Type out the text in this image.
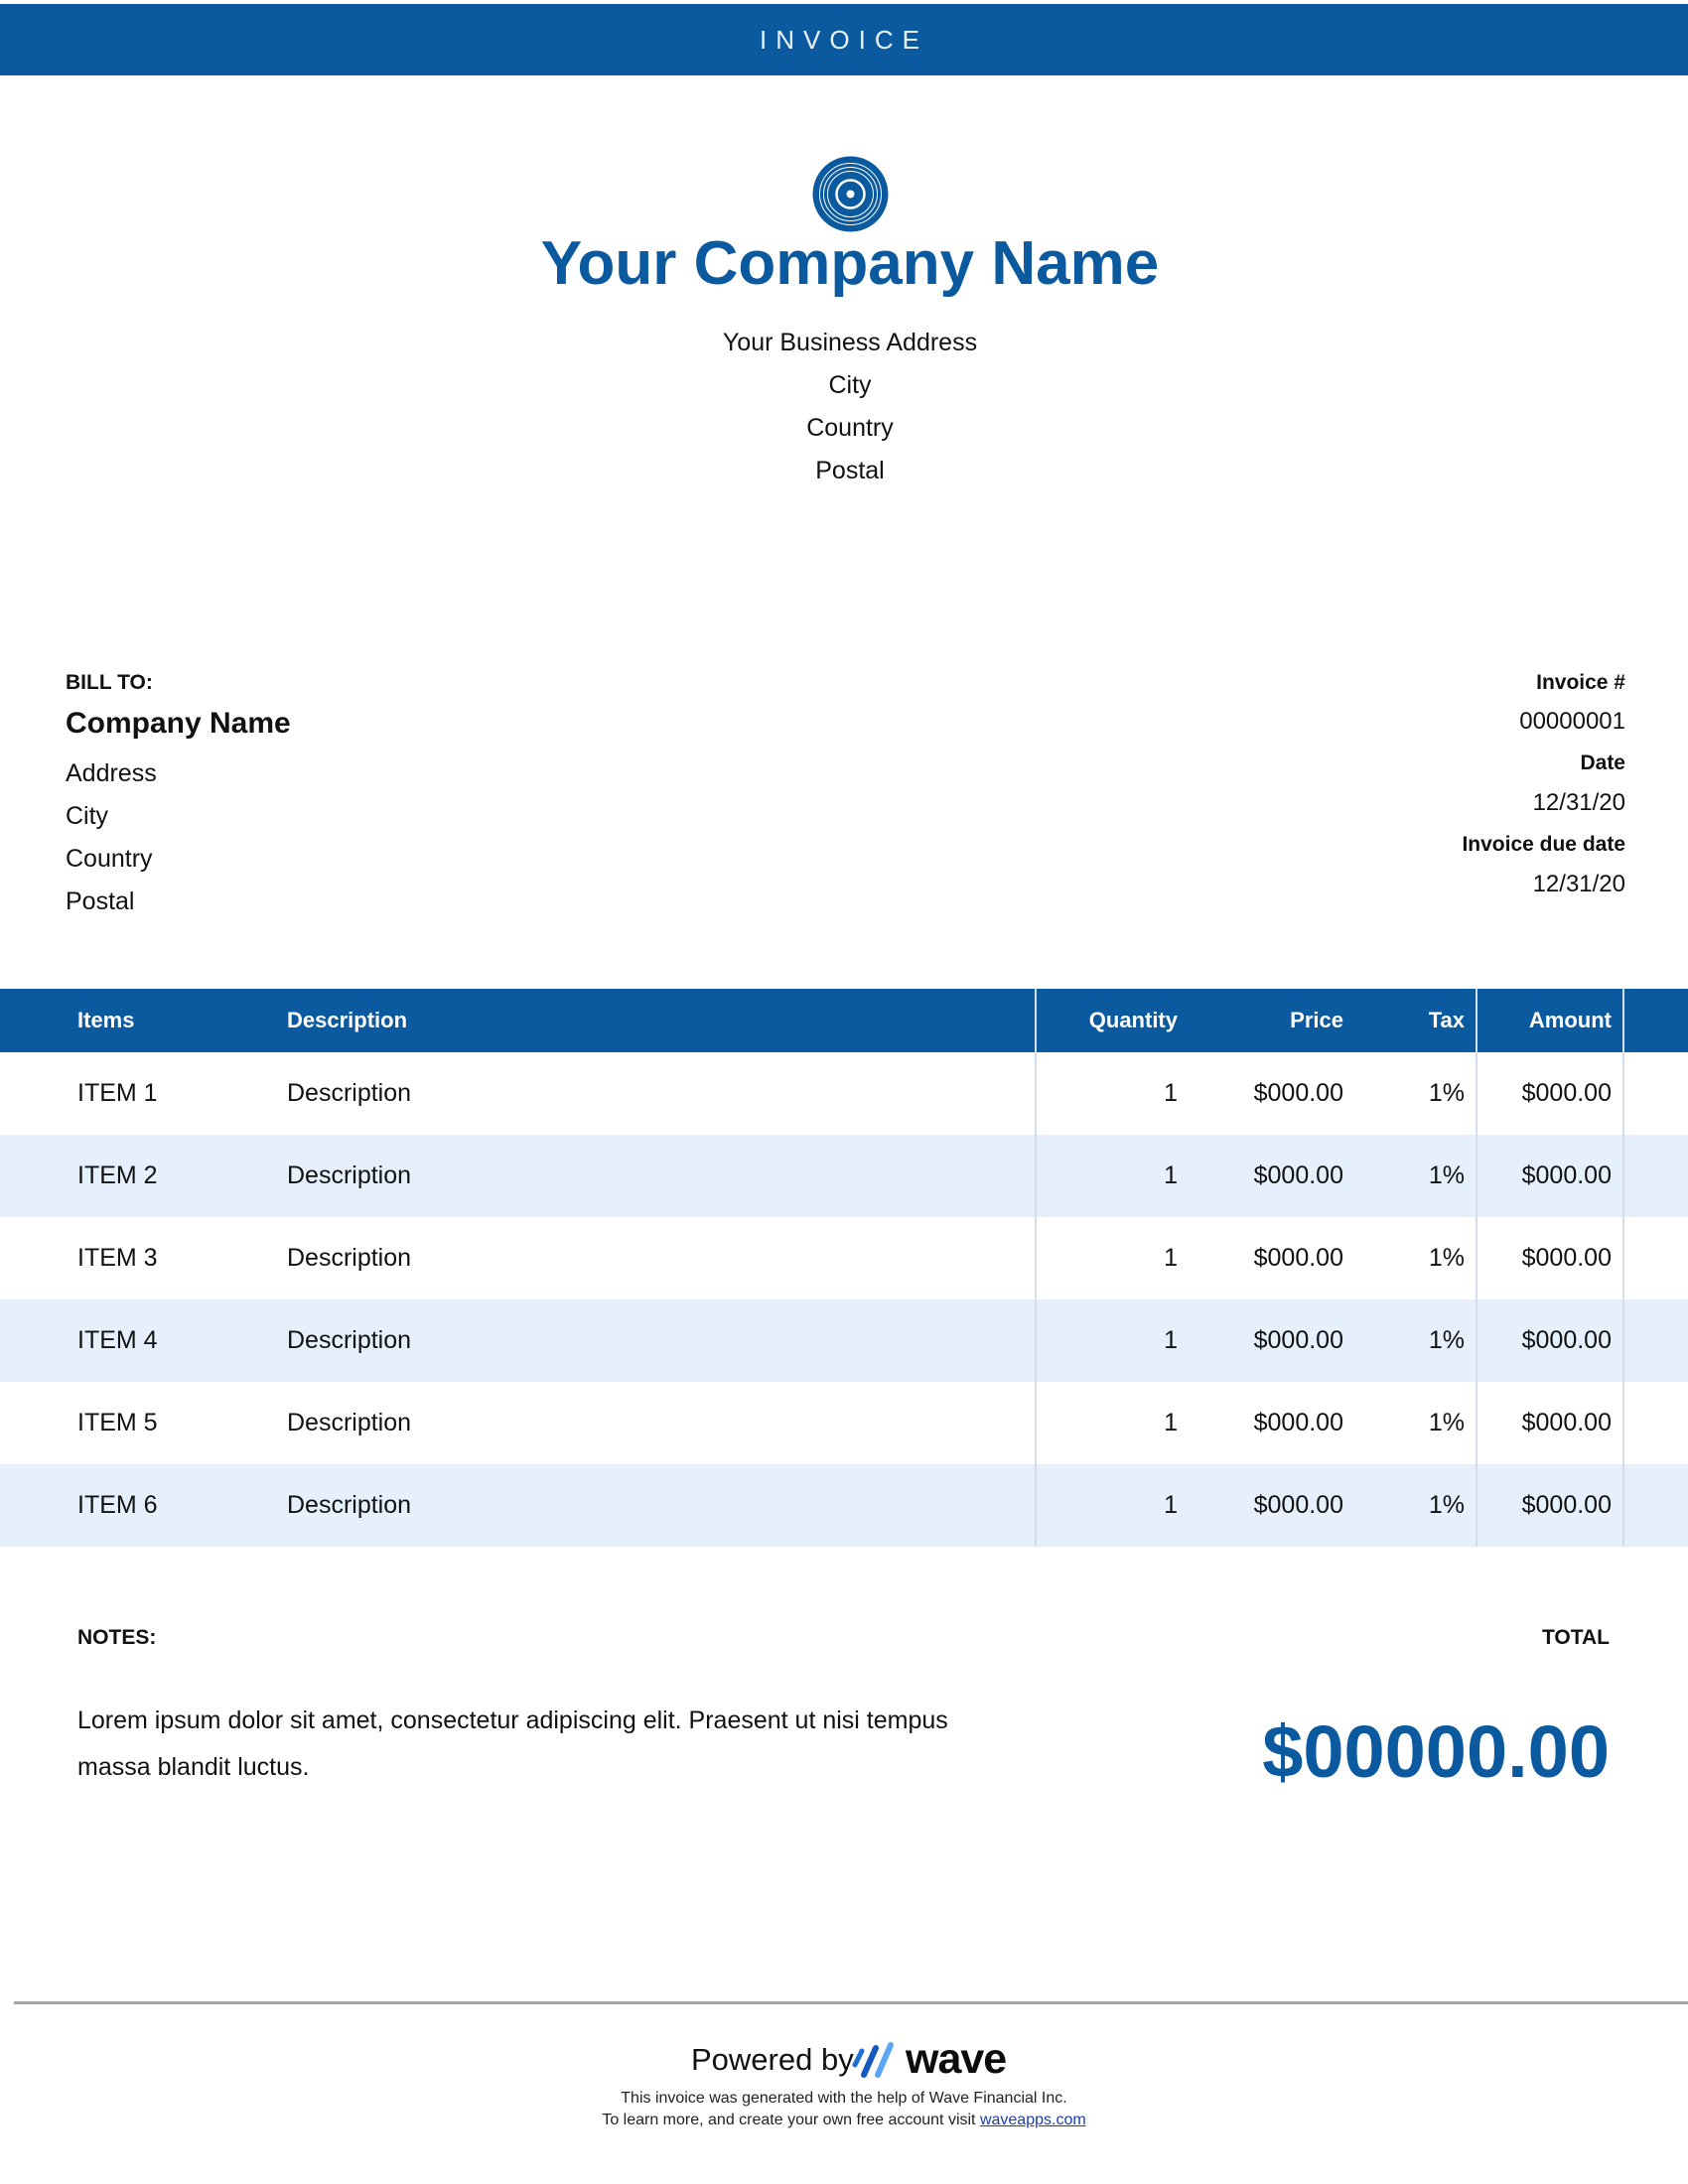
INVOICE
Your Company Name
Your Business Address
City
Country
Postal
BILL TO:
Company Name
Address
City
Country
Postal
Invoice #
00000001
Date
12/31/20
Invoice due date
12/31/20
Items	Description	Quantity	Price	Tax	Amount
ITEM 1	Description	1	$000.00	1%	$000.00
ITEM 2	Description	1	$000.00	1%	$000.00
ITEM 3	Description	1	$000.00	1%	$000.00
ITEM 4	Description	1	$000.00	1%	$000.00
ITEM 5	Description	1	$000.00	1%	$000.00
ITEM 6	Description	1	$000.00	1%	$000.00
NOTES:
Lorem ipsum dolor sit amet, consectetur adipiscing elit. Praesent ut nisi tempus massa blandit luctus.
TOTAL
$00000.00
Powered by wave
This invoice was generated with the help of Wave Financial Inc.
To learn more, and create your own free account visit waveapps.com
